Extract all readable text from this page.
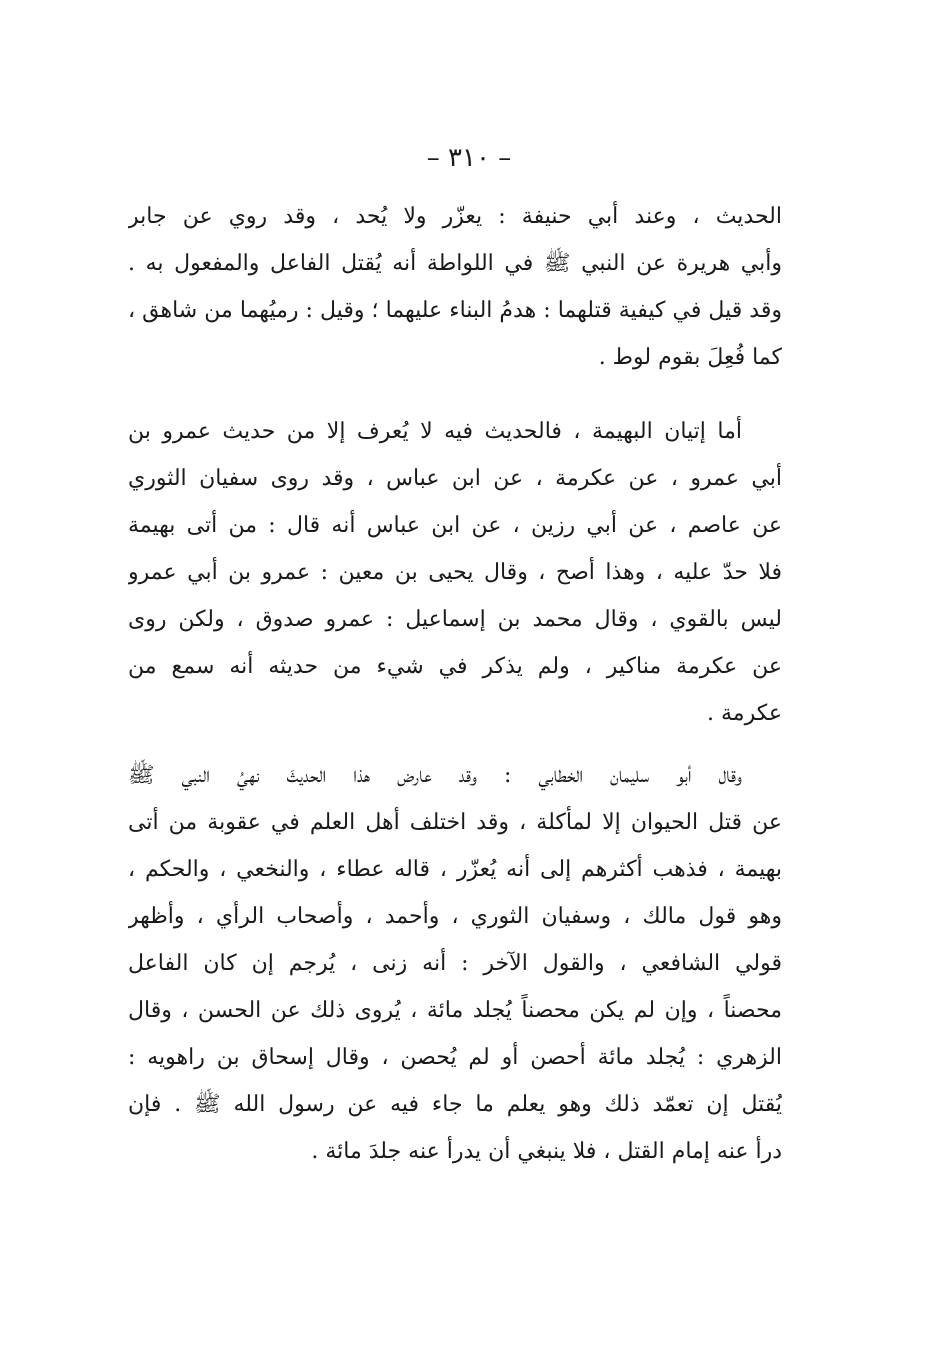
– ٣١٠ –
الحديث ، وعند أبي حنيفة : يعزّر ولا يُحد ، وقد روي عن جابر
وأبي هريرة عن النبي ﷺ في اللواطة أنه يُقتل الفاعل والمفعول به .
وقد قيل في كيفية قتلهما : هدمُ البناء عليهما ؛ وقيل : رميُهما من شاهق ،
كما فُعِلَ بقوم لوط .
أما إتيان البهيمة ، فالحديث فيه لا يُعرف إلا من حديث عمرو بن
أبي عمرو ، عن عكرمة ، عن ابن عباس ، وقد روى سفيان الثوري
عن عاصم ، عن أبي رزين ، عن ابن عباس أنه قال : من أتى بهيمة
فلا حدّ عليه ، وهذا أصح ، وقال يحيى بن معين : عمرو بن أبي عمرو
ليس بالقوي ، وقال محمد بن إسماعيل : عمرو صدوق ، ولكن روى
عن عكرمة مناكير ، ولم يذكر في شيء من حديثه أنه سمع من
عكرمة .
وقال أبو سليمان الخطابي : وقد عارض هذا الحديثَ نهيُ النبي ﷺ
عن قتل الحيوان إلا لمأكلة ، وقد اختلف أهل العلم في عقوبة من أتى
بهيمة ، فذهب أكثرهم إلى أنه يُعزّر ، قاله عطاء ، والنخعي ، والحكم ،
وهو قول مالك ، وسفيان الثوري ، وأحمد ، وأصحاب الرأي ، وأظهر
قولي الشافعي ، والقول الآخر : أنه زنى ، يُرجم إن كان الفاعل
محصناً ، وإن لم يكن محصناً يُجلد مائة ، يُروى ذلك عن الحسن ، وقال
الزهري : يُجلد مائة أحصن أو لم يُحصن ، وقال إسحاق بن راهويه :
يُقتل إن تعمّد ذلك وهو يعلم ما جاء فيه عن رسول الله ﷺ . فإن
درأ عنه إمام القتل ، فلا ينبغي أن يدرأ عنه جلدَ مائة .
